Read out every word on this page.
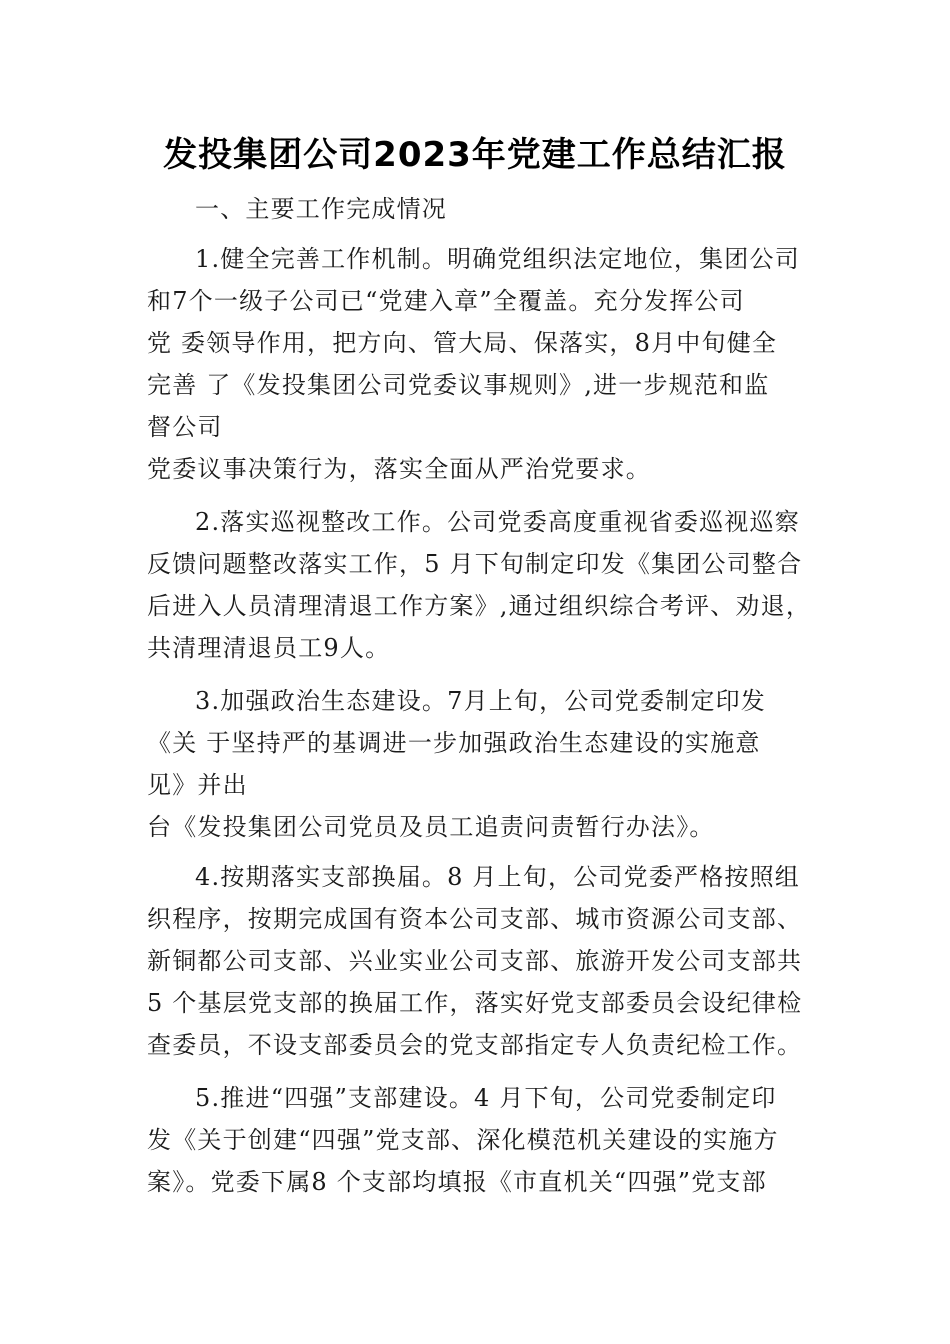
发投集团公司2023年党建工作总结汇报
一、主要工作完成情况
1.健全完善工作机制。明确党组织法定地位，集团公司
和7个一级子公司已“党建入章”全覆盖。充分发挥公司
党 委领导作用，把方向、管大局、保落实，8月中旬健全
完善 了《发投集团公司党委议事规则》,进一步规范和监
督公司
党委议事决策行为，落实全面从严治党要求。
2.落实巡视整改工作。公司党委高度重视省委巡视巡察
反馈问题整改落实工作，5 月下旬制定印发《集团公司整合
后进入人员清理清退工作方案》,通过组织综合考评、劝退，
共清理清退员工9人。
3.加强政治生态建设。7月上旬，公司党委制定印发
《关 于坚持严的基调进一步加强政治生态建设的实施意
见》并出
台《发投集团公司党员及员工追责问责暂行办法》。
4.按期落实支部换届。8 月上旬，公司党委严格按照组
织程序，按期完成国有资本公司支部、城市资源公司支部、
新铜都公司支部、兴业实业公司支部、旅游开发公司支部共
5 个基层党支部的换届工作，落实好党支部委员会设纪律检
查委员，不设支部委员会的党支部指定专人负责纪检工作。
5.推进“四强”支部建设。4 月下旬，公司党委制定印
发《关于创建“四强”党支部、深化模范机关建设的实施方
案》。党委下属8 个支部均填报《市直机关“四强”党支部
